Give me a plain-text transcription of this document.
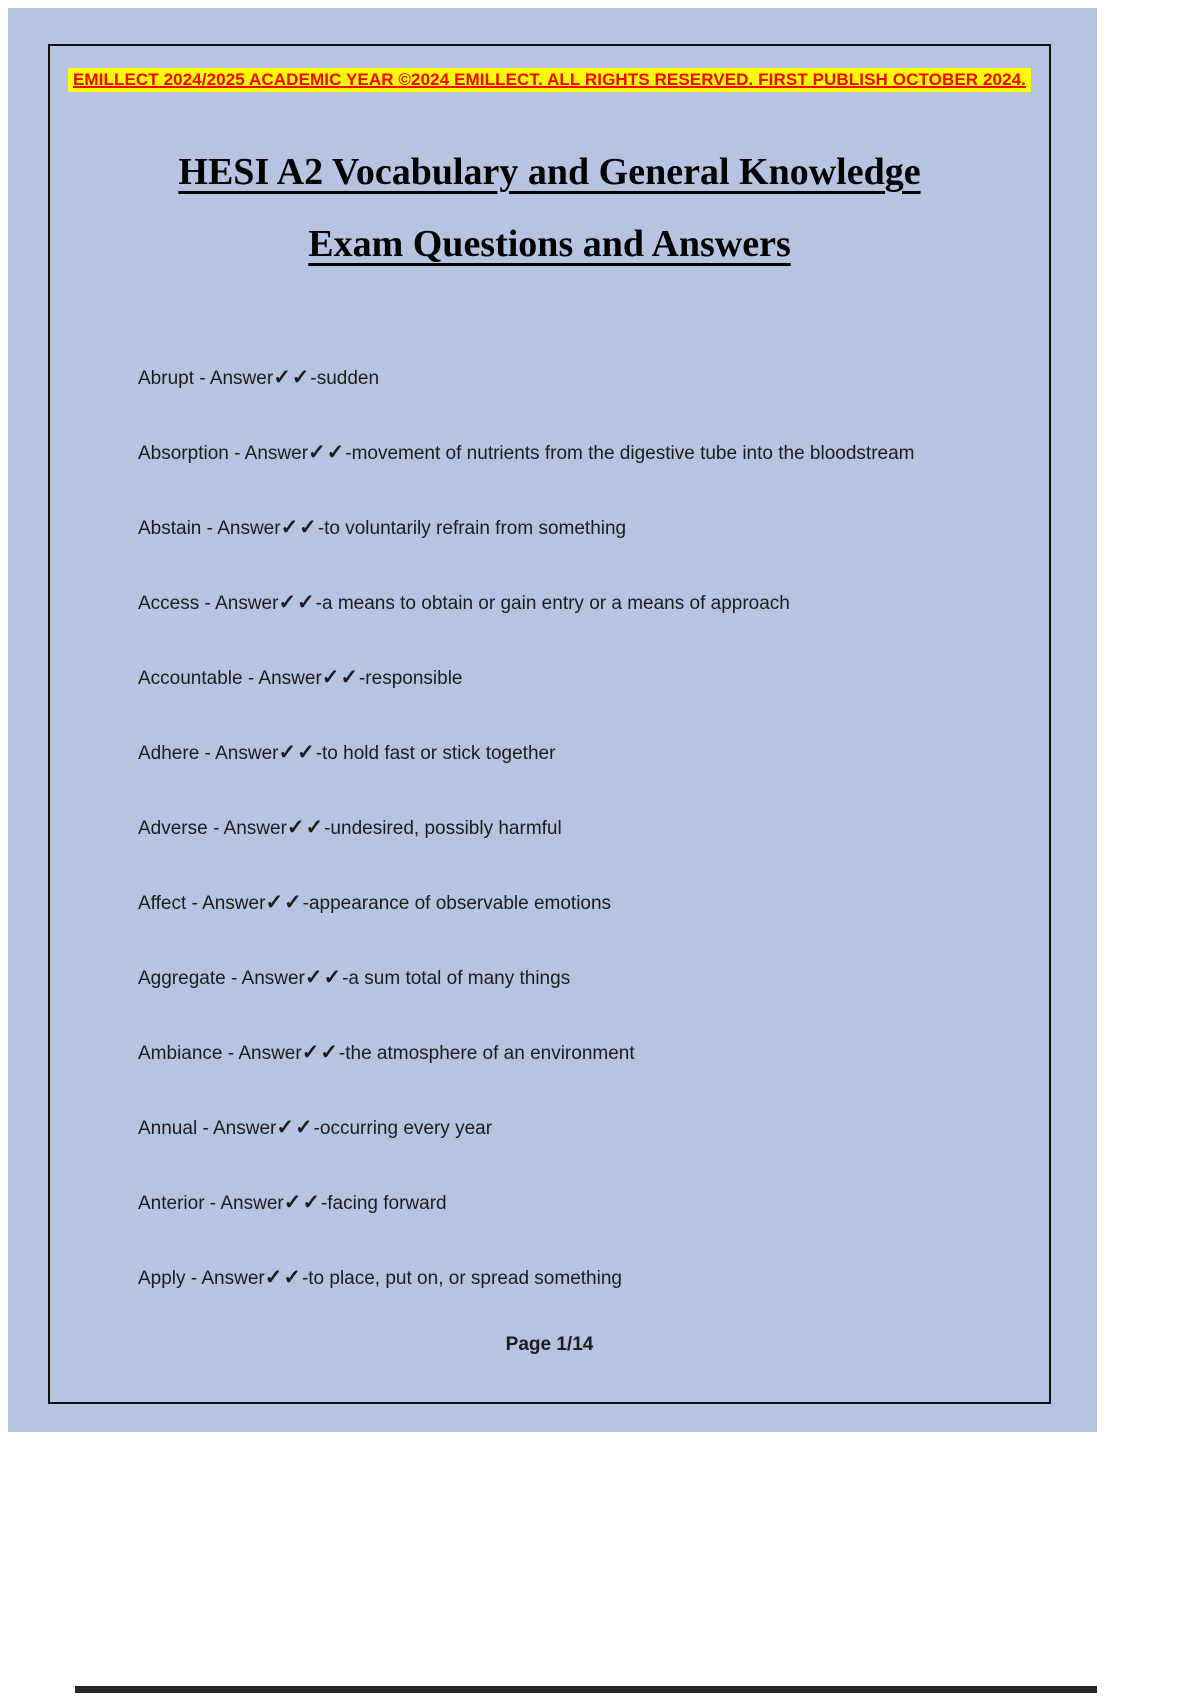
EMILLECT 2024/2025 ACADEMIC YEAR ©2024 EMILLECT. ALL RIGHTS RESERVED. FIRST PUBLISH OCTOBER 2024.
HESI A2 Vocabulary and General Knowledge
Exam Questions and Answers

Abrupt - Answer✓✓-sudden

Absorption - Answer✓✓-movement of nutrients from the digestive tube into the bloodstream

Abstain - Answer✓✓-to voluntarily refrain from something

Access - Answer✓✓-a means to obtain or gain entry or a means of approach

Accountable - Answer✓✓-responsible

Adhere - Answer✓✓-to hold fast or stick together

Adverse - Answer✓✓-undesired, possibly harmful

Affect - Answer✓✓-appearance of observable emotions

Aggregate - Answer✓✓-a sum total of many things

Ambiance - Answer✓✓-the atmosphere of an environment

Annual - Answer✓✓-occurring every year

Anterior - Answer✓✓-facing forward

Apply - Answer✓✓-to place, put on, or spread something

Page 1/14
